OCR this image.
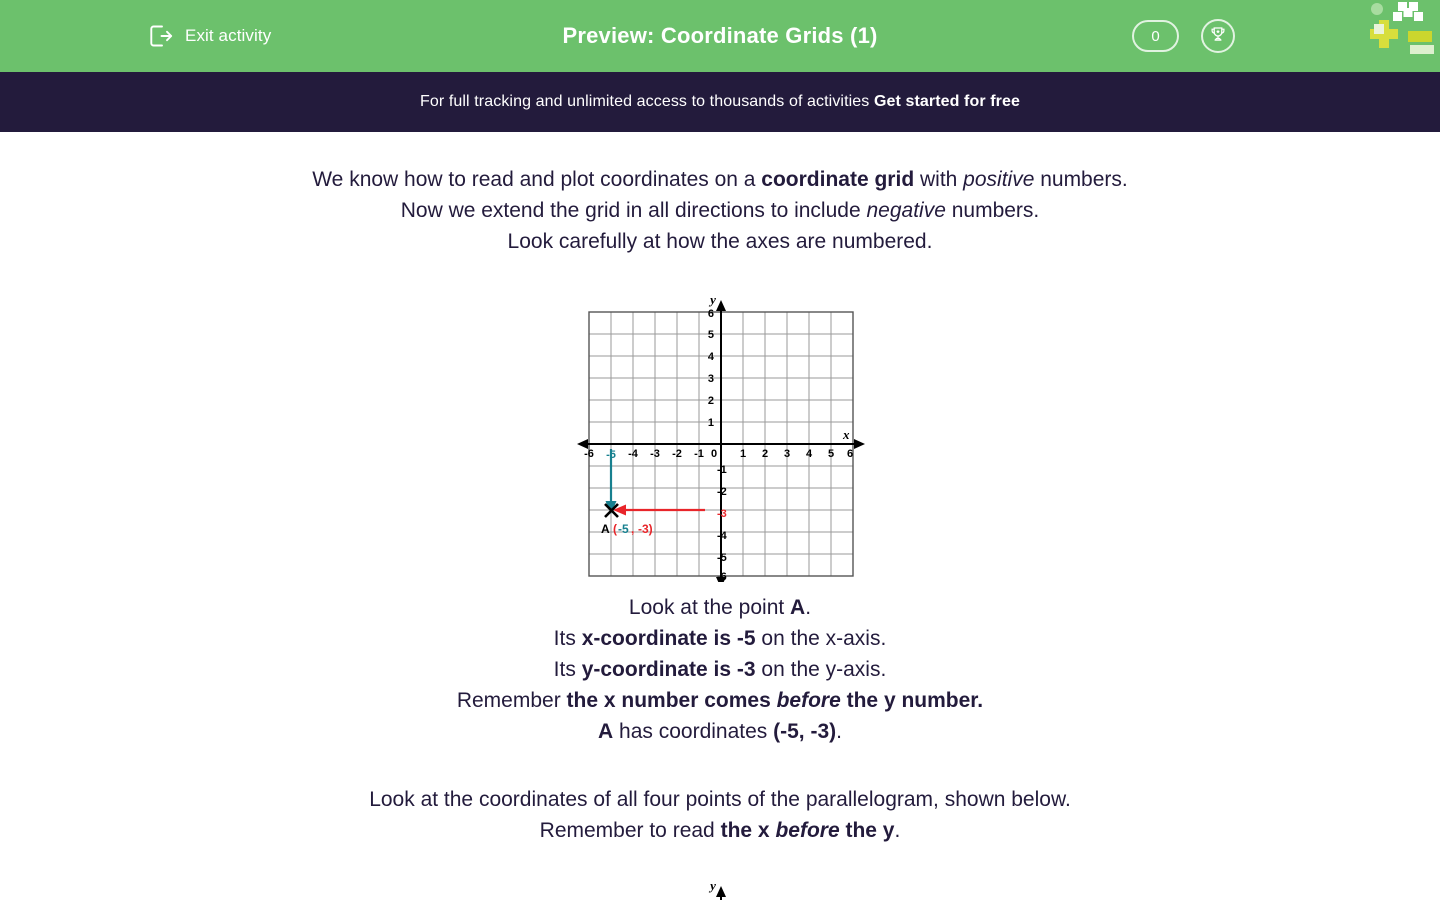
Exit activity	Preview: Coordinate Grids (1)	0
For full tracking and unlimited access to thousands of activities Get started for free

We know how to read and plot coordinates on a coordinate grid with positive numbers.

Now we extend the grid in all directions to include negative numbers.

Look carefully at how the axes are numbered.

x
y
-6 -5 -4 -3 -2 -1 0 1 2 3 4 5 6
6
5
4
3
2
1
-1
-2
-3
-4
-5
-6
A ( -5 , -3)

Look at the point A.

Its x-coordinate is -5 on the x-axis.

Its y-coordinate is -3 on the y-axis.

Remember the x number comes before the y number.

A has coordinates (-5, -3).

Look at the coordinates of all four points of the parallelogram, shown below.

Remember to read the x before the y.

y
